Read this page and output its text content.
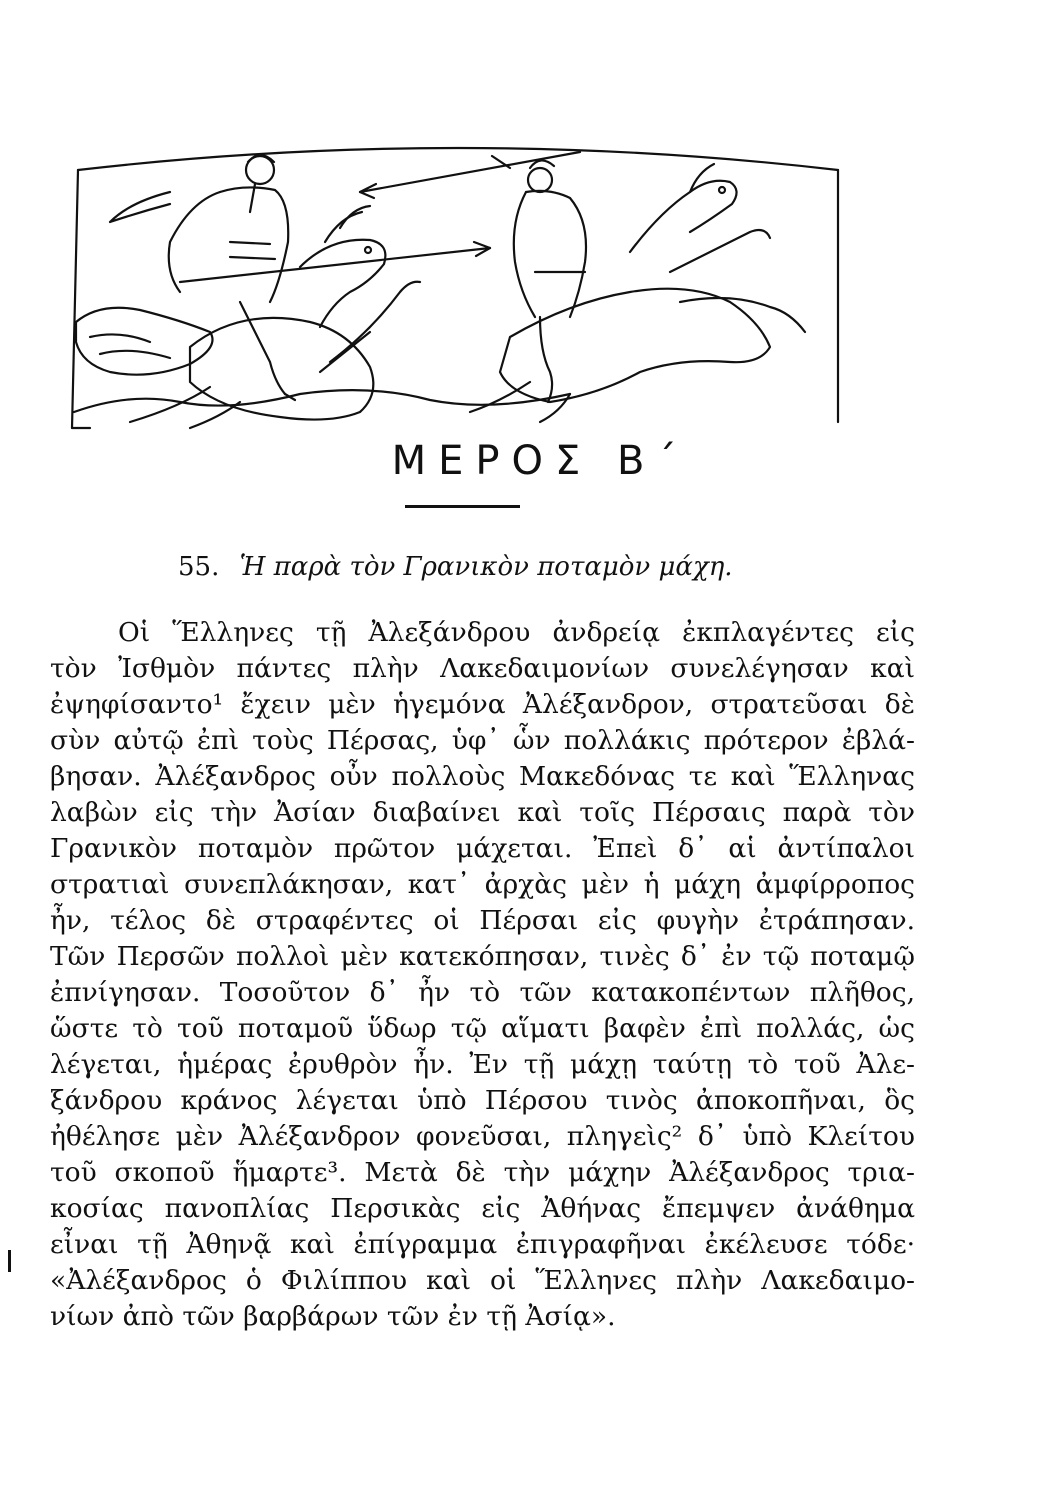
ΜΕΡΟΣ Β΄
55. Ἡ παρὰ τὸν Γρανικὸν ποταμὸν μάχη.
Οἱ Ἕλληνες τῇ Ἀλεξάνδρου ἀνδρείᾳ ἐκπλαγέντες εἰς
τὸν Ἰσθμὸν πάντες πλὴν Λακεδαιμονίων συνελέγησαν καὶ
ἐψηφίσαντο¹ ἔχειν μὲν ἡγεμόνα Ἀλέξανδρον, στρατεῦσαι δὲ
σὺν αὐτῷ ἐπὶ τοὺς Πέρσας, ὑφ᾽ ὧν πολλάκις πρότερον ἐβλά-
βησαν. Ἀλέξανδρος οὖν πολλοὺς Μακεδόνας τε καὶ Ἕλληνας
λαβὼν εἰς τὴν Ἀσίαν διαβαίνει καὶ τοῖς Πέρσαις παρὰ τὸν
Γρανικὸν ποταμὸν πρῶτον μάχεται. Ἐπεὶ δ᾽ αἱ ἀντίπαλοι
στρατιαὶ συνεπλάκησαν, κατ᾽ ἀρχὰς μὲν ἡ μάχη ἀμφίρροπος
ἦν, τέλος δὲ στραφέντες οἱ Πέρσαι εἰς φυγὴν ἐτράπησαν.
Τῶν Περσῶν πολλοὶ μὲν κατεκόπησαν, τινὲς δ᾽ ἐν τῷ ποταμῷ
ἐπνίγησαν. Τοσοῦτον δ᾽ ἦν τὸ τῶν κατακοπέντων πλῆθος,
ὥστε τὸ τοῦ ποταμοῦ ὕδωρ τῷ αἵματι βαφὲν ἐπὶ πολλάς, ὡς
λέγεται, ἡμέρας ἐρυθρὸν ἦν. Ἐν τῇ μάχῃ ταύτῃ τὸ τοῦ Ἀλε-
ξάνδρου κράνος λέγεται ὑπὸ Πέρσου τινὸς ἀποκοπῆναι, ὃς
ἠθέλησε μὲν Ἀλέξανδρον φονεῦσαι, πληγεὶς² δ᾽ ὑπὸ Κλείτου
τοῦ σκοποῦ ἥμαρτε³. Μετὰ δὲ τὴν μάχην Ἀλέξανδρος τρια-
κοσίας πανοπλίας Περσικὰς εἰς Ἀθήνας ἔπεμψεν ἀνάθημα
εἶναι τῇ Ἀθηνᾷ καὶ ἐπίγραμμα ἐπιγραφῆναι ἐκέλευσε τόδε·
«Ἀλέξανδρος ὁ Φιλίππου καὶ οἱ Ἕλληνες πλὴν Λακεδαιμο-
νίων ἀπὸ τῶν βαρβάρων τῶν ἐν τῇ Ἀσίᾳ».
